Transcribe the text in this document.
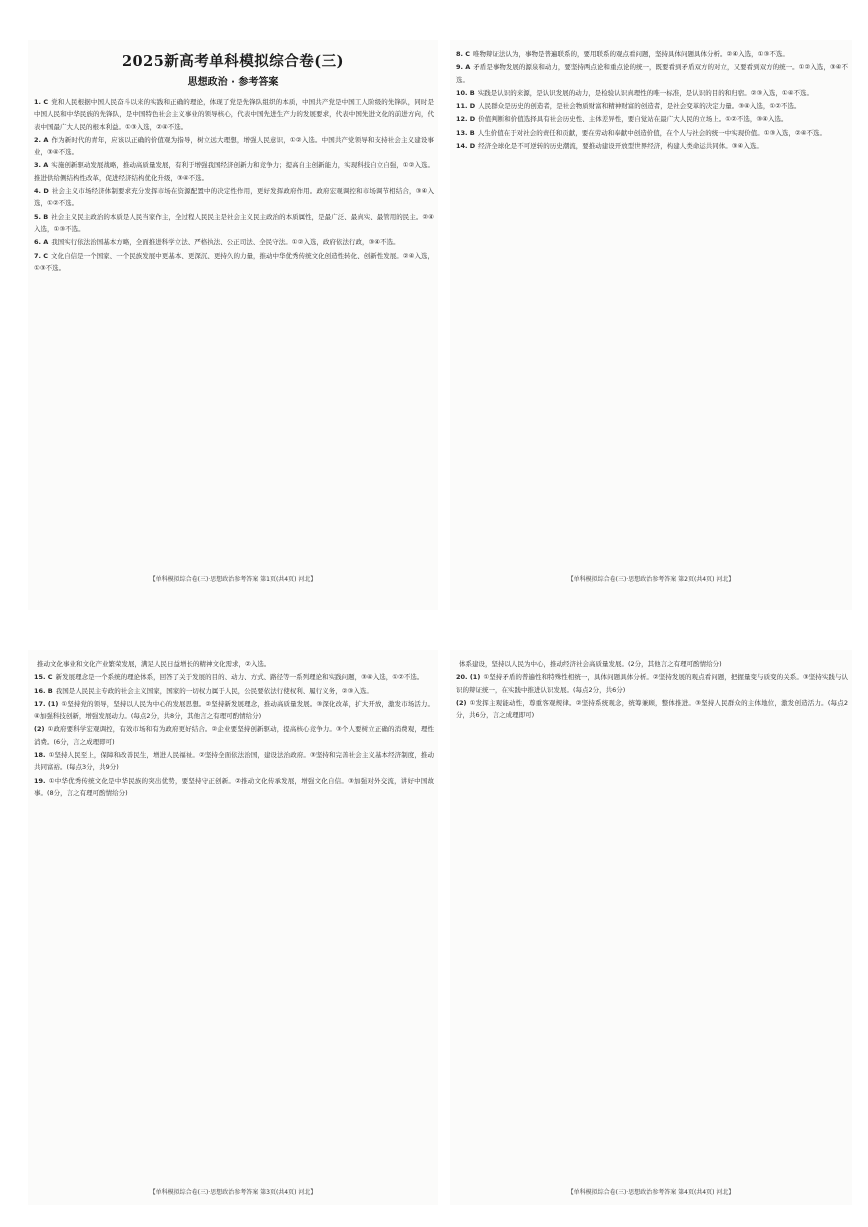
2025新高考单科模拟综合卷(三)
思想政治 · 参考答案

1. C 党和人民根据中国人民奋斗以来的实践和正确的理论，体现了党是先锋队组织的本质，中国共产党是中国工人阶级的先锋队，同时是中国人民和中华民族的先锋队，是中国特色社会主义事业的领导核心，代表中国先进生产力的发展要求，代表中国先进文化的前进方向，代表中国最广大人民的根本利益。①③入选，②④不选。

2. A 作为新时代的青年，应该以正确的价值观为指导，树立远大理想，增强人民意识，①②入选。中国共产党领导和支持社会主义建设事业，③④不选。

3. A 实施创新驱动发展战略，推动高质量发展，有利于增强我国经济创新力和竞争力；提高自主创新能力，实现科技自立自强，①②入选。推进供给侧结构性改革，促进经济结构优化升级，③④不选。

4. D 社会主义市场经济体制要求充分发挥市场在资源配置中的决定性作用，更好发挥政府作用。政府宏观调控和市场调节相结合，③④入选，①②不选。

5. B 社会主义民主政治的本质是人民当家作主，全过程人民民主是社会主义民主政治的本质属性，是最广泛、最真实、最管用的民主。②④入选，①③不选。

6. A 我国实行依法治国基本方略，全面推进科学立法、严格执法、公正司法、全民守法。①②入选，政府依法行政，③④不选。

7. C 文化自信是一个国家、一个民族发展中更基本、更深沉、更持久的力量，推动中华优秀传统文化创造性转化、创新性发展。②④入选，①③不选。

【单科模拟综合卷(三)·思想政治参考答案 第1页(共4页) 河北】

8. C 唯物辩证法认为，事物是普遍联系的，要用联系的观点看问题，坚持具体问题具体分析。②④入选，①③不选。

9. A 矛盾是事物发展的源泉和动力，要坚持两点论和重点论的统一，既要看到矛盾双方的对立，又要看到双方的统一。①②入选，③④不选。

10. B 实践是认识的来源，是认识发展的动力，是检验认识真理性的唯一标准，是认识的目的和归宿。②③入选，①④不选。

11. D 人民群众是历史的创造者，是社会物质财富和精神财富的创造者，是社会变革的决定力量。③④入选，①②不选。

12. D 价值判断和价值选择具有社会历史性、主体差异性，要自觉站在最广大人民的立场上。①②不选，③④入选。

13. B 人生价值在于对社会的责任和贡献，要在劳动和奉献中创造价值，在个人与社会的统一中实现价值。①③入选，②④不选。

14. D 经济全球化是不可逆转的历史潮流，要推动建设开放型世界经济，构建人类命运共同体。③④入选。

【单科模拟综合卷(三)·思想政治参考答案 第2页(共4页) 河北】

推动文化事业和文化产业繁荣发展，满足人民日益增长的精神文化需求，②入选。

15. C 新发展理念是一个系统的理论体系，回答了关于发展的目的、动力、方式、路径等一系列理论和实践问题，③④入选，①②不选。

16. B 我国是人民民主专政的社会主义国家，国家的一切权力属于人民，公民要依法行使权利、履行义务，②③入选。

17. (1) ①坚持党的领导，坚持以人民为中心的发展思想。②坚持新发展理念，推动高质量发展。③深化改革，扩大开放，激发市场活力。④加强科技创新，增强发展动力。(每点2分，共8分，其他言之有理可酌情给分)

(2) ①政府要科学宏观调控，有效市场和有为政府更好结合。②企业要坚持创新驱动，提高核心竞争力。③个人要树立正确的消费观，理性消费。(6分，言之成理即可)

18. ①坚持人民至上，保障和改善民生，增进人民福祉。②坚持全面依法治国，建设法治政府。③坚持和完善社会主义基本经济制度，推动共同富裕。(每点3分，共9分)

19. ①中华优秀传统文化是中华民族的突出优势，要坚持守正创新。②推动文化传承发展，增强文化自信。③加强对外交流，讲好中国故事。(8分，言之有理可酌情给分)

【单科模拟综合卷(三)·思想政治参考答案 第3页(共4页) 河北】

体系建设，坚持以人民为中心，推动经济社会高质量发展。(2分，其他言之有理可酌情给分)

20. (1) ①坚持矛盾的普遍性和特殊性相统一，具体问题具体分析。②坚持发展的观点看问题，把握量变与质变的关系。③坚持实践与认识的辩证统一，在实践中推进认识发展。(每点2分，共6分)

(2) ①发挥主观能动性，尊重客观规律。②坚持系统观念，统筹兼顾，整体推进。③坚持人民群众的主体地位，激发创造活力。(每点2分，共6分，言之成理即可)

【单科模拟综合卷(三)·思想政治参考答案 第4页(共4页) 河北】
